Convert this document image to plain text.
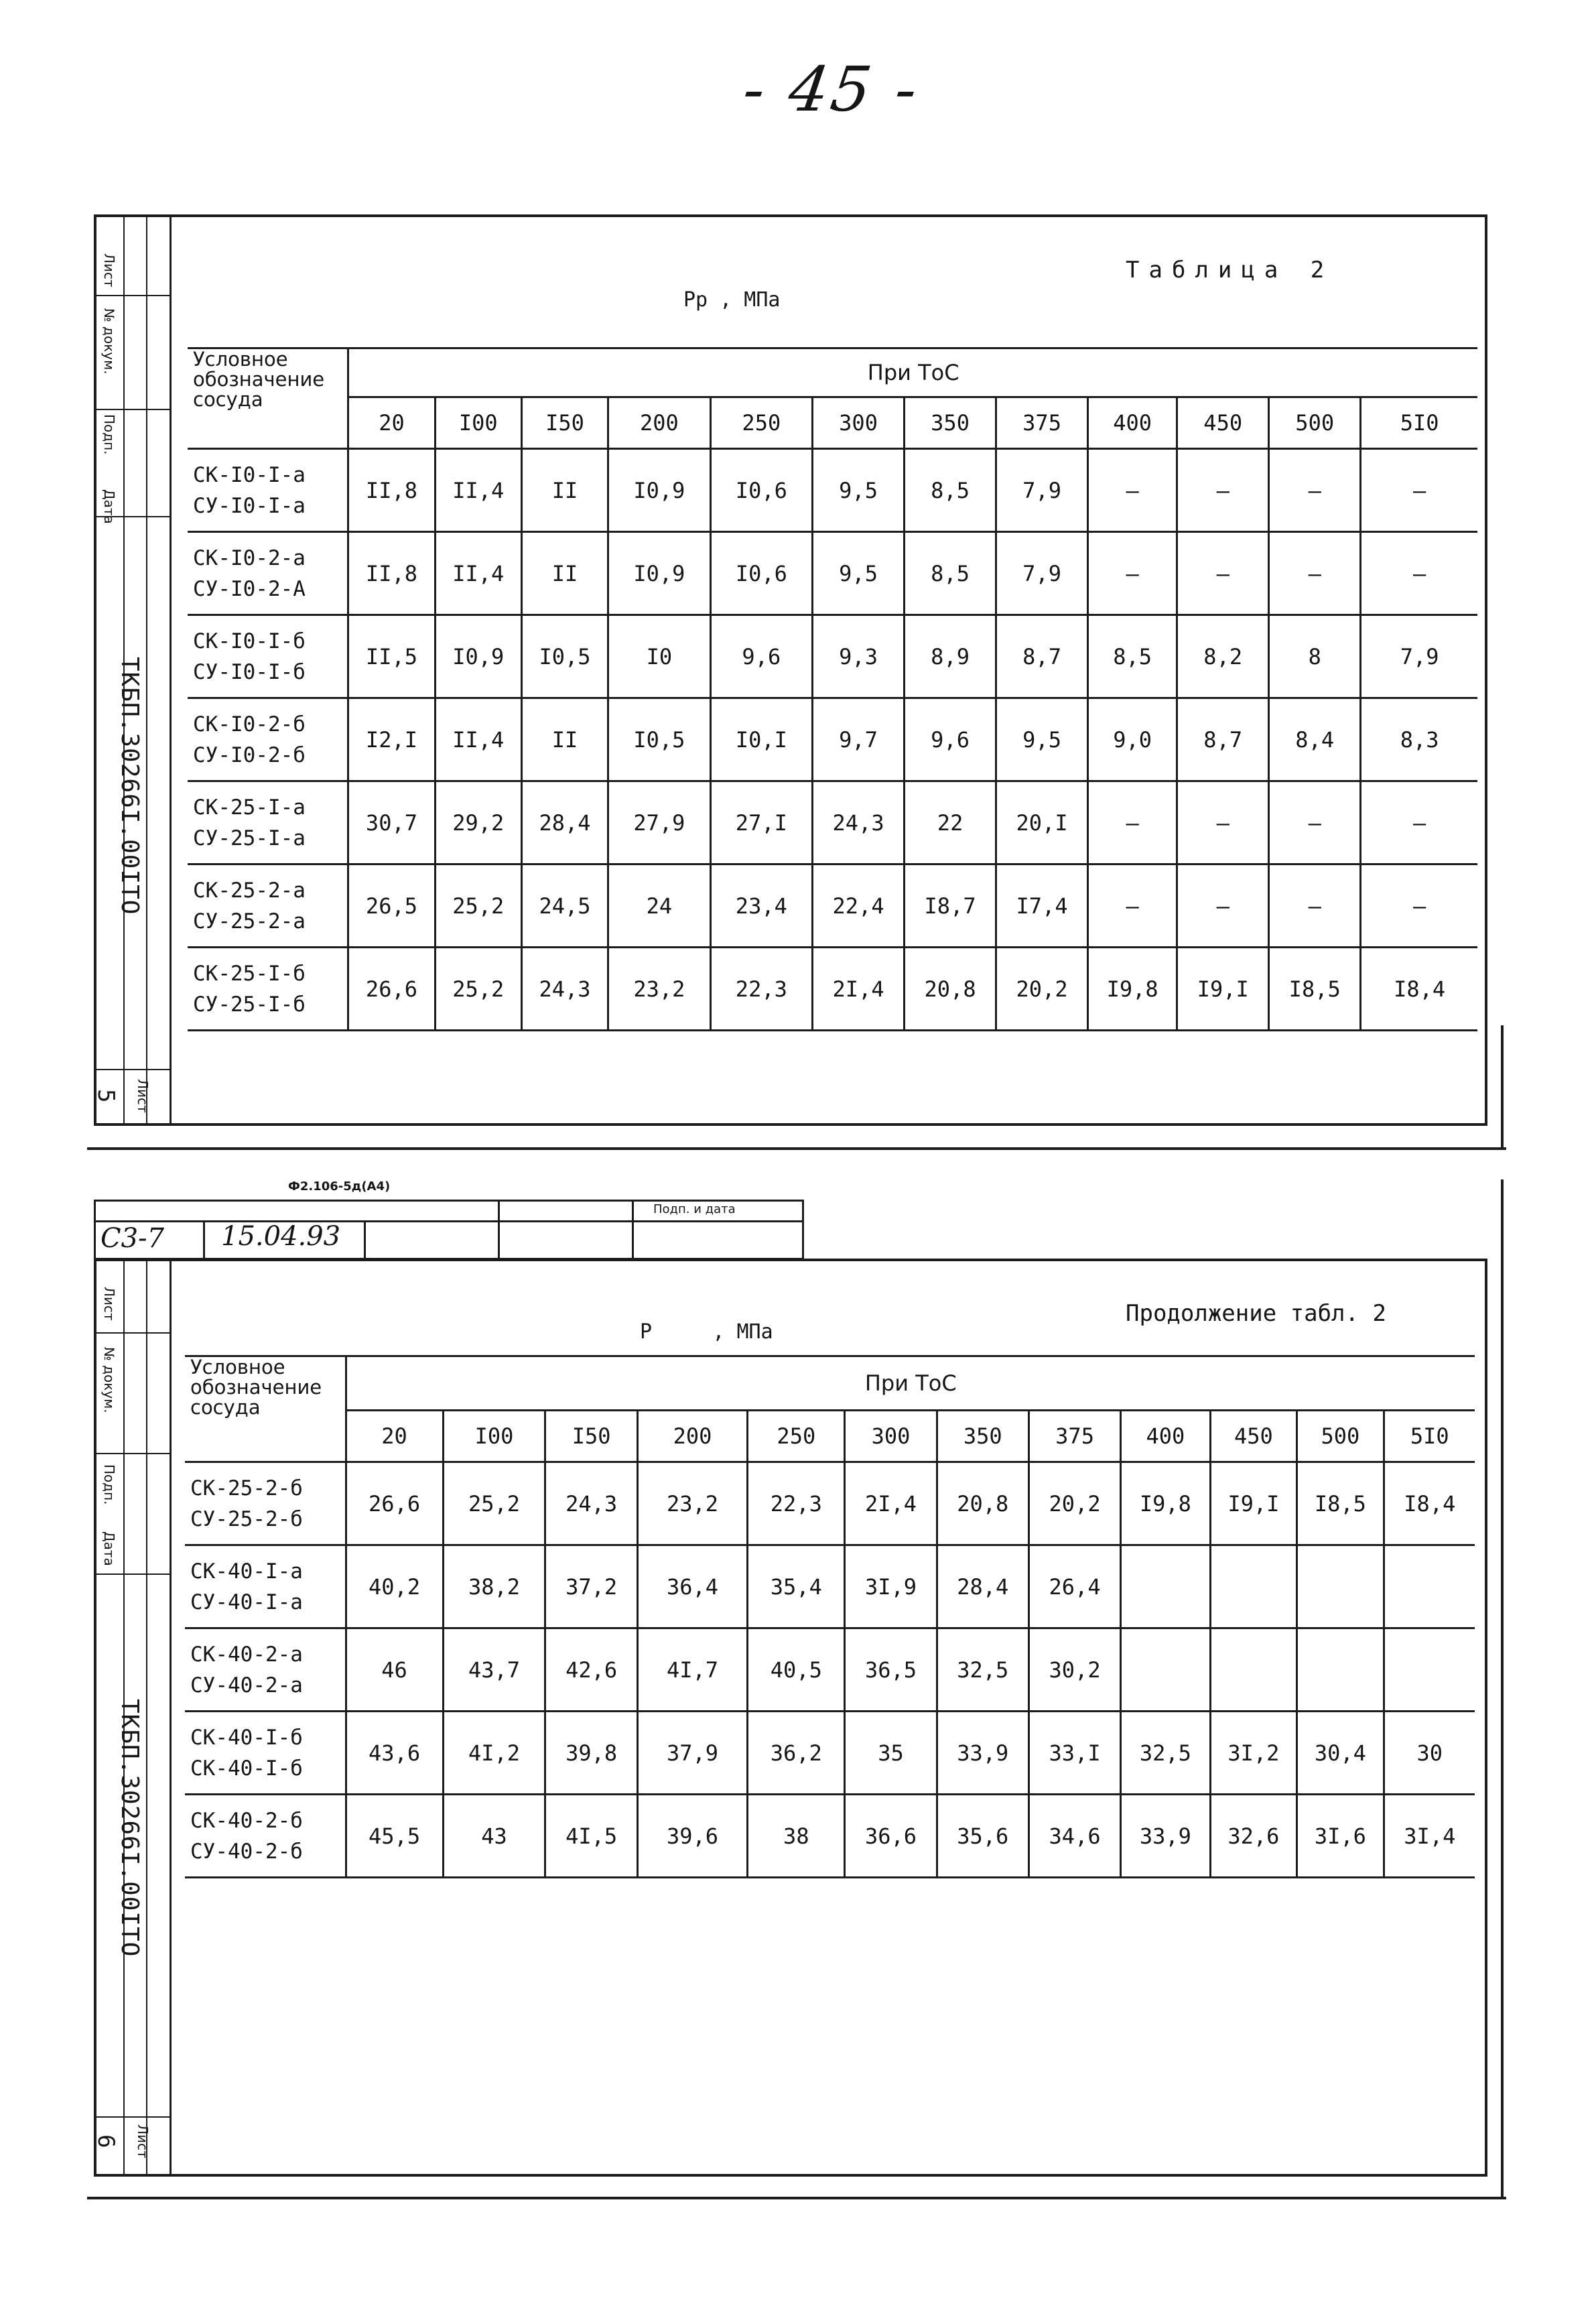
- 45 -
Лист
№ докум.
Подп.
Дата
ТКБП.30266I.00IТО
Лист
5
Таблица 2
Pр , МПа
Условное обозначение сосуда	При ТоС											
	20	I00	I50	200	250	300	350	375	400	450	500	5I0
СК-I0-I-а
СУ-I0-I-а	II,8	II,4	II	I0,9	I0,6	9,5	8,5	7,9	—	—	—	—
СК-I0-2-а
СУ-I0-2-А	II,8	II,4	II	I0,9	I0,6	9,5	8,5	7,9	—	—	—	—
СК-I0-I-б
СУ-I0-I-б	II,5	I0,9	I0,5	I0	9,6	9,3	8,9	8,7	8,5	8,2	8	7,9
СК-I0-2-б
СУ-I0-2-б	I2,I	II,4	II	I0,5	I0,I	9,7	9,6	9,5	9,0	8,7	8,4	8,3
СК-25-I-а
СУ-25-I-а	30,7	29,2	28,4	27,9	27,I	24,3	22	20,I	—	—	—	—
СК-25-2-а
СУ-25-2-а	26,5	25,2	24,5	24	23,4	22,4	I8,7	I7,4	—	—	—	—
СК-25-I-б
СУ-25-I-б	26,6	25,2	24,3	23,2	22,3	2I,4	20,8	20,2	I9,8	I9,I	I8,5	I8,4
Ф2.106-5д(А4)
Подп. и дата
С3-7 15.04.93
Лист
№ докум.
Подп.
Дата
ТКБП.30266I.00IТО
Лист
6
Продолжение табл. 2
P     , МПа
Условное обозначение сосуда	При ТоС											
	20	I00	I50	200	250	300	350	375	400	450	500	5I0
СК-25-2-б
СУ-25-2-б	26,6	25,2	24,3	23,2	22,3	2I,4	20,8	20,2	I9,8	I9,I	I8,5	I8,4
СК-40-I-а
СУ-40-I-а	40,2	38,2	37,2	36,4	35,4	3I,9	28,4	26,4				
СК-40-2-а
СУ-40-2-а	46	43,7	42,6	4I,7	40,5	36,5	32,5	30,2				
СК-40-I-б
СК-40-I-б	43,6	4I,2	39,8	37,9	36,2	35	33,9	33,I	32,5	3I,2	30,4	30
СК-40-2-б
СУ-40-2-б	45,5	43	4I,5	39,6	38	36,6	35,6	34,6	33,9	32,6	3I,6	3I,4
